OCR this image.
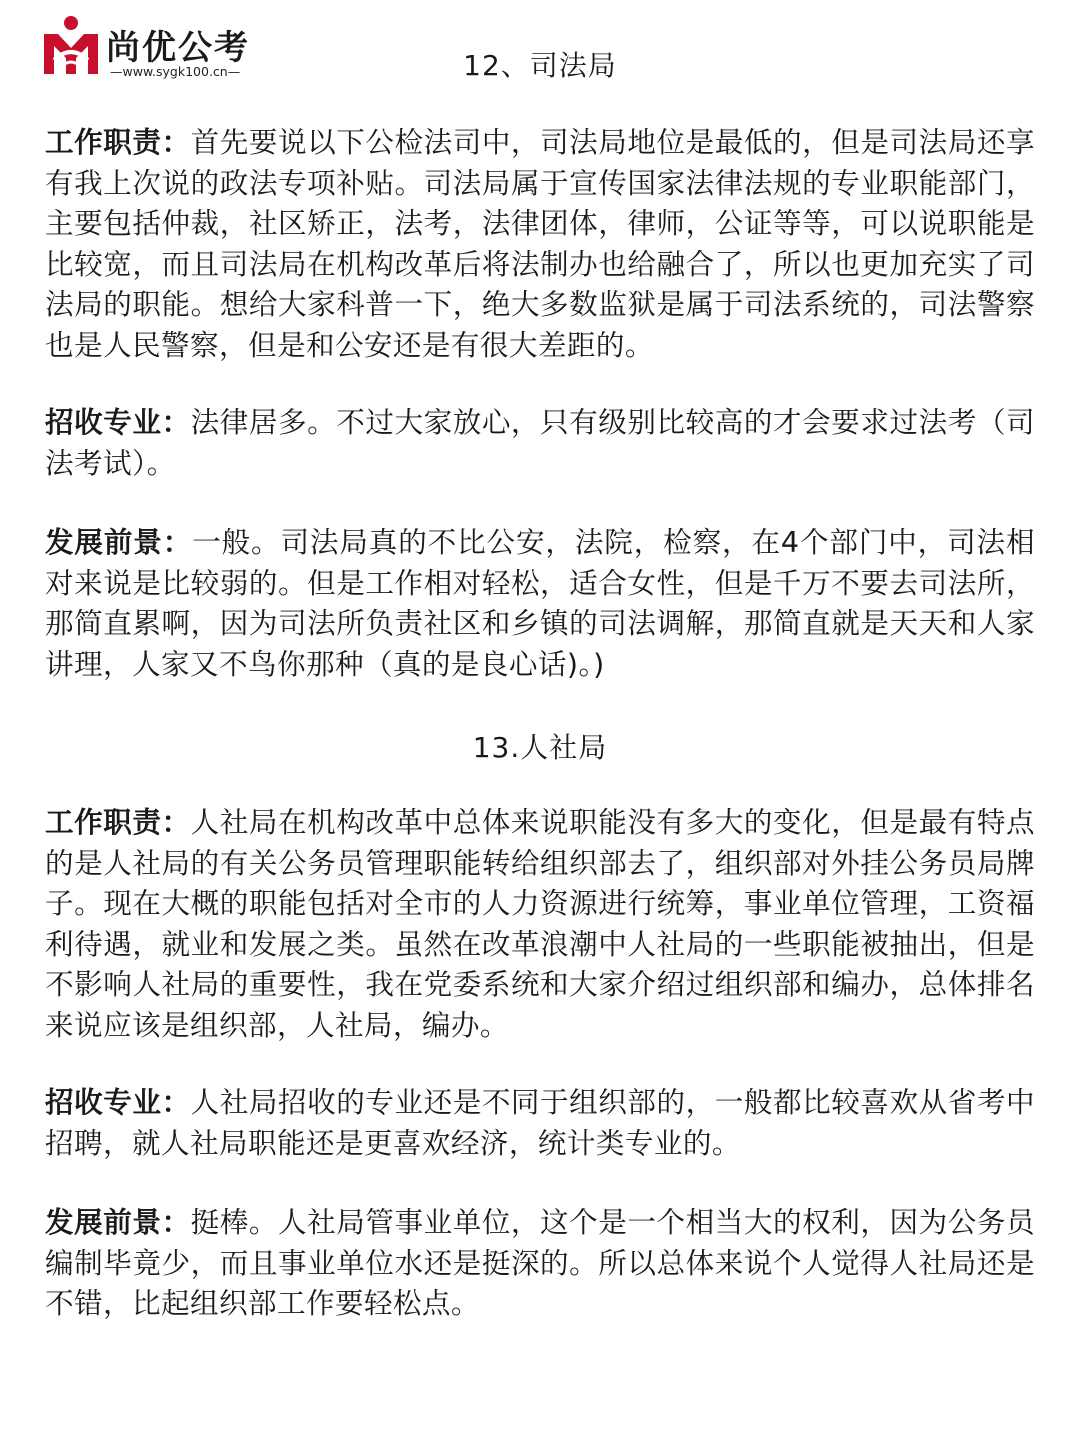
尚优公考
—www.sygk100.cn—	12、司法局
工作职责：首先要说以下公检法司中，司法局地位是最低的，但是司法局还享有我上次说的政法专项补贴。司法局属于宣传国家法律法规的专业职能部门，主要包括仲裁，社区矫正，法考，法律团体，律师，公证等等，可以说职能是比较宽，而且司法局在机构改革后将法制办也给融合了，所以也更加充实了司法局的职能。想给大家科普一下，绝大多数监狱是属于司法系统的，司法警察也是人民警察，但是和公安还是有很大差距的。
招收专业：法律居多。不过大家放心，只有级别比较高的才会要求过法考（司法考试）。
发展前景：一般。司法局真的不比公安，法院，检察，在4个部门中，司法相对来说是比较弱的。但是工作相对轻松，适合女性，但是千万不要去司法所，那简直累啊，因为司法所负责社区和乡镇的司法调解，那简直就是天天和人家讲理，人家又不鸟你那种（真的是良心话)。)
13.人社局
工作职责：人社局在机构改革中总体来说职能没有多大的变化，但是最有特点的是人社局的有关公务员管理职能转给组织部去了，组织部对外挂公务员局牌子。现在大概的职能包括对全市的人力资源进行统筹，事业单位管理，工资福利待遇，就业和发展之类。虽然在改革浪潮中人社局的一些职能被抽出，但是不影响人社局的重要性，我在党委系统和大家介绍过组织部和编办，总体排名来说应该是组织部，人社局，编办。
招收专业：人社局招收的专业还是不同于组织部的，一般都比较喜欢从省考中招聘，就人社局职能还是更喜欢经济，统计类专业的。
发展前景：挺棒。人社局管事业单位，这个是一个相当大的权利，因为公务员编制毕竟少，而且事业单位水还是挺深的。所以总体来说个人觉得人社局还是不错，比起组织部工作要轻松点。
